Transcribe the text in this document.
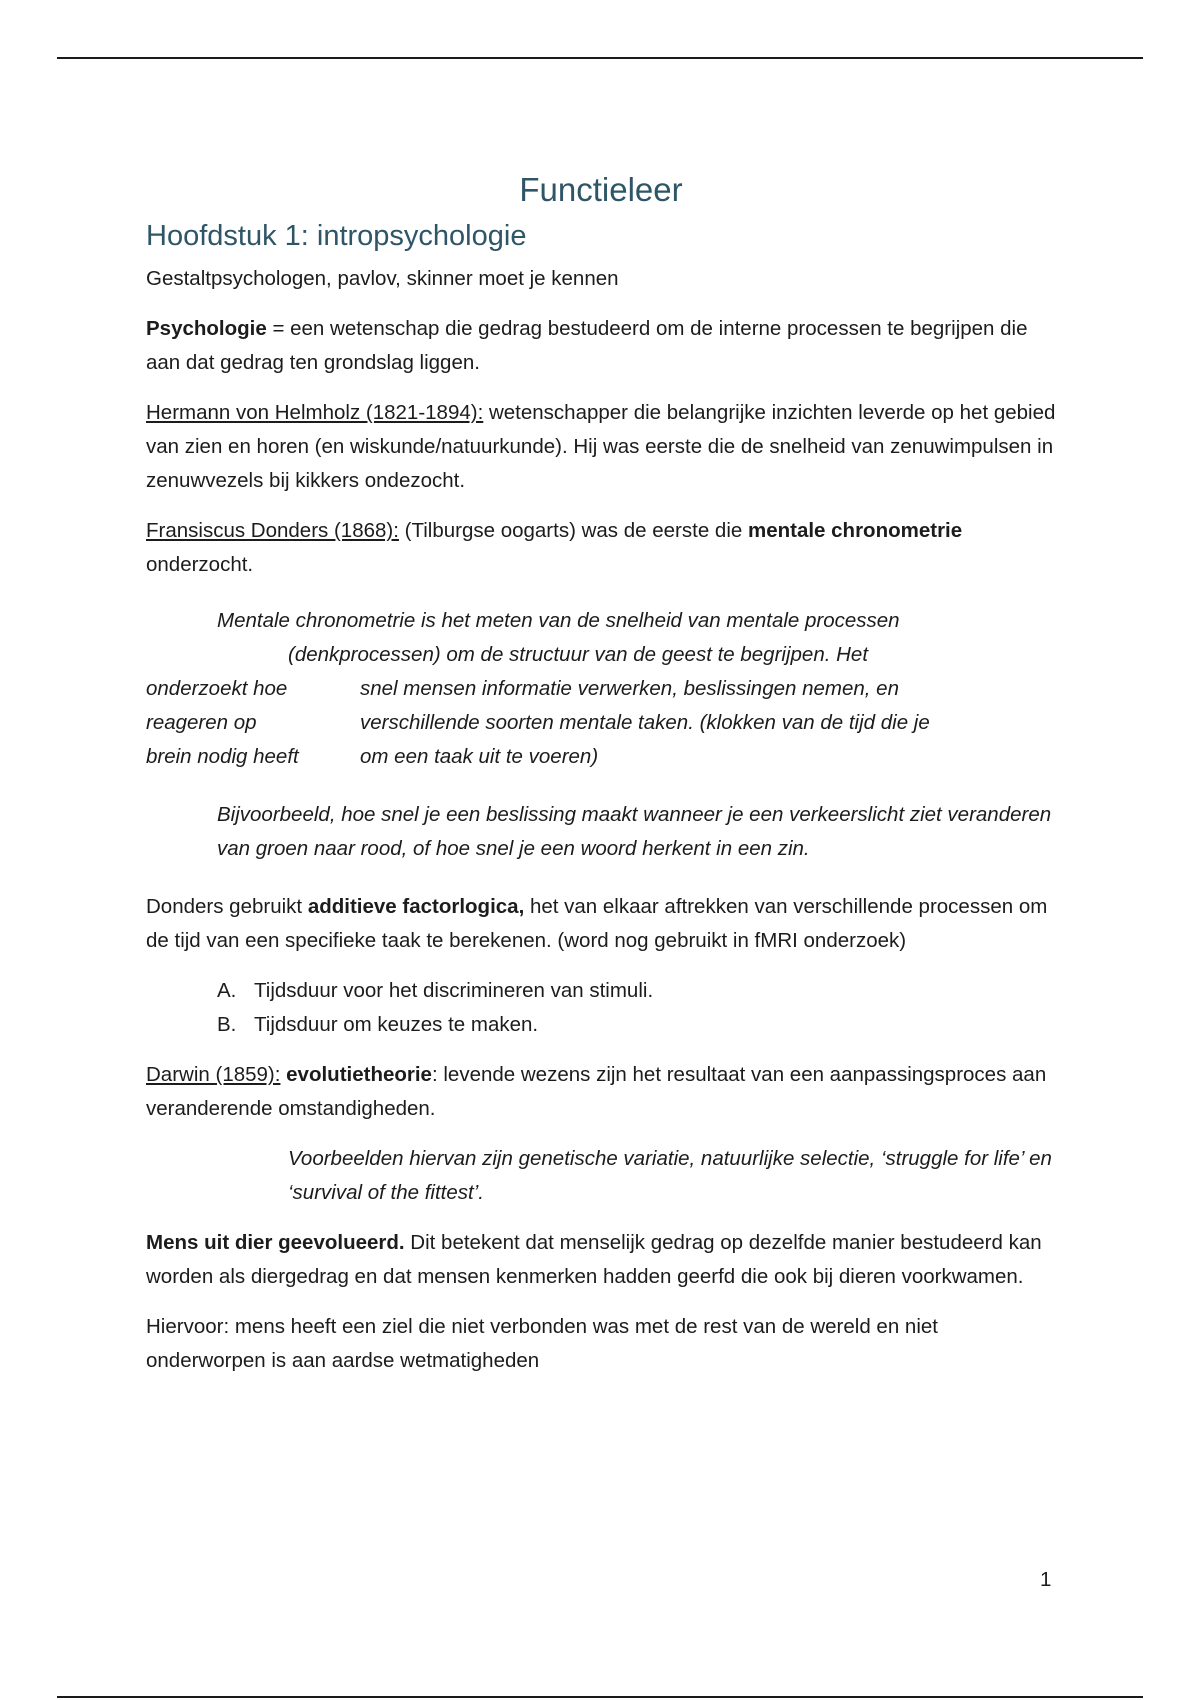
Functieleer
Hoofdstuk 1: intropsychologie

Gestaltpsychologen, pavlov, skinner moet je kennen

Psychologie = een wetenschap die gedrag bestudeerd om de interne processen te begrijpen die aan dat gedrag ten grondslag liggen.

Hermann von Helmholz (1821-1894): wetenschapper die belangrijke inzichten leverde op het gebied van zien en horen (en wiskunde/natuurkunde). Hij was eerste die de snelheid van zenuwimpulsen in zenuwvezels bij kikkers ondezocht.

Fransiscus Donders (1868): (Tilburgse oogarts) was de eerste die mentale chronometrie onderzocht.

Mentale chronometrie is het meten van de snelheid van mentale processen
(denkprocessen) om de structuur van de geest te begrijpen. Het
onderzoekt hoe	snel mensen informatie verwerken, beslissingen nemen, en
reageren op	verschillende soorten mentale taken. (klokken van de tijd die je
brein nodig heeft	om een taak uit te voeren)
Bijvoorbeeld, hoe snel je een beslissing maakt wanneer je een verkeerslicht ziet veranderen van groen naar rood, of hoe snel je een woord herkent in een zin.

Donders gebruikt additieve factorlogica, het van elkaar aftrekken van verschillende processen om de tijd van een specifieke taak te berekenen. (word nog gebruikt in fMRI onderzoek)

A. Tijdsduur voor het discrimineren van stimuli.
B. Tijdsduur om keuzes te maken.

Darwin (1859): evolutietheorie: levende wezens zijn het resultaat van een aanpassingsproces aan veranderende omstandigheden.

Voorbeelden hiervan zijn genetische variatie, natuurlijke selectie, ‘struggle for life’ en ‘survival of the fittest’.

Mens uit dier geevolueerd. Dit betekent dat menselijk gedrag op dezelfde manier bestudeerd kan worden als diergedrag en dat mensen kenmerken hadden geerfd die ook bij dieren voorkwamen.

Hiervoor: mens heeft een ziel die niet verbonden was met de rest van de wereld en niet onderworpen is aan aardse wetmatigheden

1
